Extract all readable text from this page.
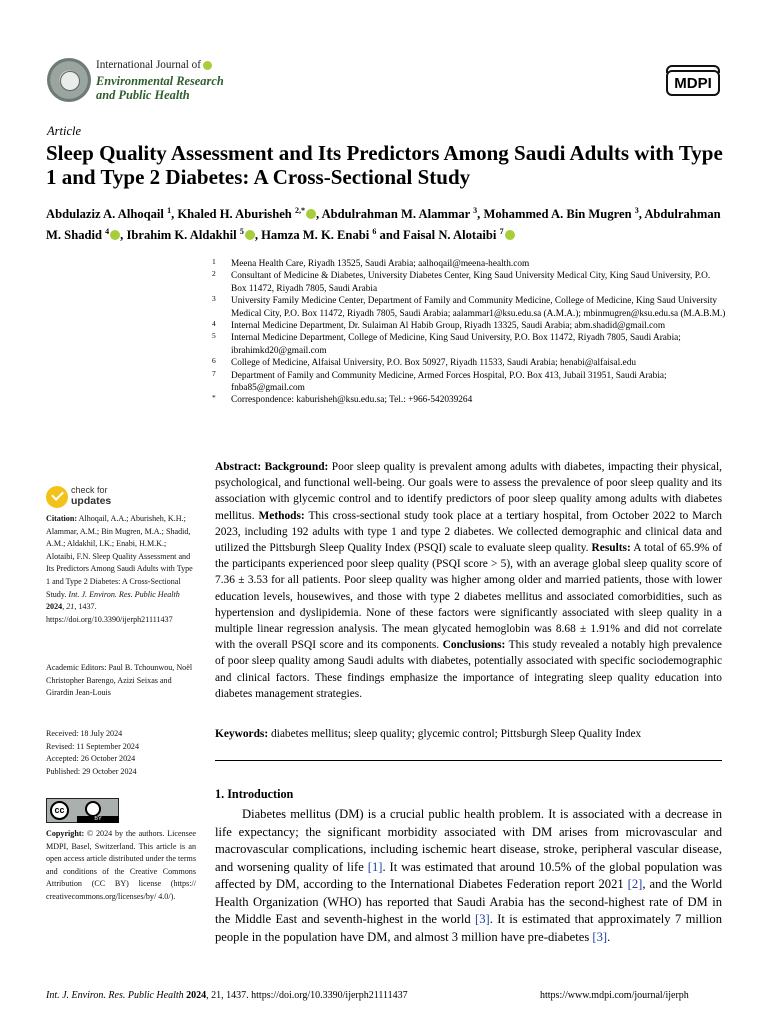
International Journal of
Environmental Research
and Public Health
MDPI
Article
Sleep Quality Assessment and Its Predictors Among Saudi Adults with Type 1 and Type 2 Diabetes: A Cross-Sectional Study
Abdulaziz A. Alhoqail $^1$, Khaled H. Aburisheh $^{2,*}$ , Abdulrahman M. Alammar $^3$, Mohammed A. Bin Mugren $^3$, Abdulrahman M. Shadid $^4$ , Ibrahim K. Aldakhil $^5$ , Hamza M. K. Enabi $^6$ and Faisal N. Alotaibi $^7$
1	Meena Health Care, Riyadh 13525, Saudi Arabia; aalhoqail@meena-health.com
2	Consultant of Medicine & Diabetes, University Diabetes Center, King Saud University Medical City, King Saud University, P.O. Box 11472, Riyadh 7805, Saudi Arabia
3	University Family Medicine Center, Department of Family and Community Medicine, College of Medicine, King Saud University Medical City, P.O. Box 11472, Riyadh 7805, Saudi Arabia; aalammar1@ksu.edu.sa (A.M.A.); mbinmugren@ksu.edu.sa (M.A.B.M.)
4	Internal Medicine Department, Dr. Sulaiman Al Habib Group, Riyadh 13325, Saudi Arabia; abm.shadid@gmail.com
5	Internal Medicine Department, College of Medicine, King Saud University, P.O. Box 11472, Riyadh 7805, Saudi Arabia; ibrahimkd20@gmail.com
6	College of Medicine, Alfaisal University, P.O. Box 50927, Riyadh 11533, Saudi Arabia; henabi@alfaisal.edu
7	Department of Family and Community Medicine, Armed Forces Hospital, P.O. Box 413, Jubail 31951, Saudi Arabia; fnba85@gmail.com
*	Correspondence: kaburisheh@ksu.edu.sa; Tel.: +966-542039264
check for
updates
Citation: Alhoqail, A.A.; Aburisheh, K.H.; Alammar, A.M.; Bin Mugren, M.A.; Shadid, A.M.; Aldakhil, I.K.; Enabi, H.M.K.; Alotaibi, F.N. Sleep Quality Assessment and Its Predictors Among Saudi Adults with Type 1 and Type 2 Diabetes: A Cross-Sectional Study. Int. J. Environ. Res. Public Health 2024, 21, 1437. https://doi.org/10.3390/ijerph21111437
Academic Editors: Paul B. Tchounwou, Noël Christopher Barengo, Azizi Seixas and Girardin Jean-Louis
Received: 18 July 2024
Revised: 11 September 2024
Accepted: 26 October 2024
Published: 29 October 2024
cc
BY
Copyright: © 2024 by the authors. Licensee MDPI, Basel, Switzerland. This article is an open access article distributed under the terms and conditions of the Creative Commons Attribution (CC BY) license (https:// creativecommons.org/licenses/by/ 4.0/).
Abstract: Background: Poor sleep quality is prevalent among adults with diabetes, impacting their physical, psychological, and functional well-being. Our goals were to assess the prevalence of poor sleep quality and its association with glycemic control and to identify predictors of poor sleep quality among adults with diabetes mellitus. Methods: This cross-sectional study took place at a tertiary hospital, from October 2022 to March 2023, including 192 adults with type 1 and type 2 diabetes. We collected demographic and clinical data and utilized the Pittsburgh Sleep Quality Index (PSQI) scale to evaluate sleep quality. Results: A total of 65.9% of the participants experienced poor sleep quality (PSQI score > 5), with an average global sleep quality score of 7.36 ± 3.53 for all patients. Poor sleep quality was higher among older and married patients, those with lower education levels, housewives, and those with type 2 diabetes mellitus and associated comorbidities, such as hypertension and dyslipidemia. None of these factors were significantly associated with sleep quality in a multiple linear regression analysis. The mean glycated hemoglobin was 8.68 ± 1.91% and did not correlate with the overall PSQI score and its components. Conclusions: This study revealed a notably high prevalence of poor sleep quality among Saudi adults with diabetes, potentially associated with specific sociodemographic and clinical factors. These findings emphasize the importance of integrating sleep quality education into diabetes management strategies.
Keywords: diabetes mellitus; sleep quality; glycemic control; Pittsburgh Sleep Quality Index
1. Introduction
Diabetes mellitus (DM) is a crucial public health problem. It is associated with a decrease in life expectancy; the significant morbidity associated with DM arises from microvascular and macrovascular complications, including ischemic heart disease, stroke, peripheral vascular disease, and worsening quality of life [1]. It was estimated that around 10.5% of the global population was affected by DM, according to the International Diabetes Federation report 2021 [2], and the World Health Organization (WHO) has reported that Saudi Arabia has the second-highest rate of DM in the Middle East and seventh-highest in the world [3]. It is estimated that approximately 7 million people in the population have DM, and almost 3 million have pre-diabetes [3].
Int. J. Environ. Res. Public Health 2024, 21, 1437. https://doi.org/10.3390/ijerph21111437	https://www.mdpi.com/journal/ijerph
